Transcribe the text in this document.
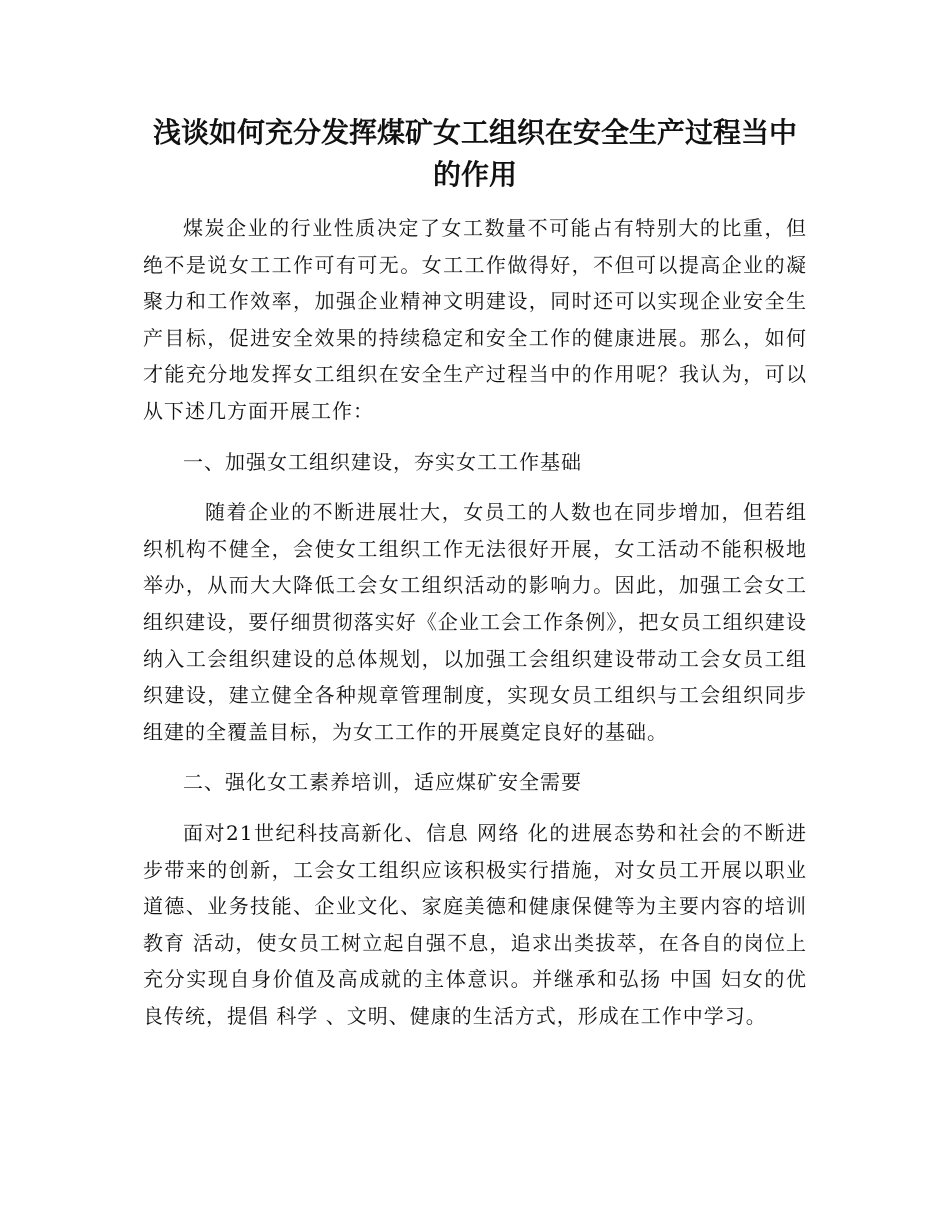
浅谈如何充分发挥煤矿女工组织在安全生产过程当中的作用

煤炭企业的行业性质决定了女工数量不可能占有特别大的比重，但绝不是说女工工作可有可无。女工工作做得好，不但可以提高企业的凝聚力和工作效率，加强企业精神文明建设，同时还可以实现企业安全生产目标，促进安全效果的持续稳定和安全工作的健康进展。那么，如何才能充分地发挥女工组织在安全生产过程当中的作用呢？我认为，可以从下述几方面开展工作：

一、加强女工组织建设，夯实女工工作基础

随着企业的不断进展壮大，女员工的人数也在同步增加，但若组织机构不健全，会使女工组织工作无法很好开展，女工活动不能积极地举办，从而大大降低工会女工组织活动的影响力。因此，加强工会女工组织建设，要仔细贯彻落实好《企业工会工作条例》，把女员工组织建设纳入工会组织建设的总体规划，以加强工会组织建设带动工会女员工组织建设，建立健全各种规章管理制度，实现女员工组织与工会组织同步组建的全覆盖目标，为女工工作的开展奠定良好的基础。

二、强化女工素养培训，适应煤矿安全需要

面对21世纪科技高新化、信息 网络 化的进展态势和社会的不断进步带来的创新，工会女工组织应该积极实行措施，对女员工开展以职业道德、业务技能、企业文化、家庭美德和健康保健等为主要内容的培训 教育 活动，使女员工树立起自强不息，追求出类拔萃，在各自的岗位上充分实现自身价值及高成就的主体意识。并继承和弘扬 中国 妇女的优良传统，提倡 科学 、文明、健康的生活方式，形成在工作中学习。
